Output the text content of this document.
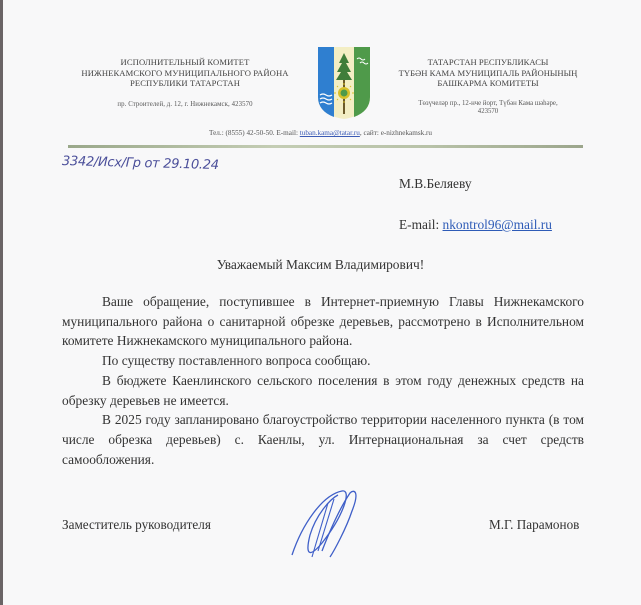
ИСПОЛНИТЕЛЬНЫЙ КОМИТЕТ
НИЖНЕКАМСКОГО МУНИЦИПАЛЬНОГО РАЙОНА
РЕСПУБЛИКИ ТАТАРСТАН
пр. Строителей, д. 12, г. Нижнекамск, 423570
ТАТАРСТАН РЕСПУБЛИКАСЫ
ТҮБӘН КАМА МУНИЦИПАЛЬ РАЙОНЫНЫҢ
БАШКАРМА КОМИТЕТЫ
Төзүчеләр пр., 12-нче йорт, Түбән Кама шәһәре,
423570
Тел.: (8555) 42-50-50. E-mail: tuban.kama@tatar.ru, сайт: e-nizhnekamsk.ru
3342/Исх/Гр от 29.10.24
М.В.Беляеву
E-mail: nkontrol96@mail.ru
Уважаемый Максим Владимирович!

Ваше обращение, поступившее в Интернет-приемную Главы Нижнекамского муниципального района о санитарной обрезке деревьев, рассмотрено в Исполнительном комитете Нижнекамского муниципального района.

По существу поставленного вопроса сообщаю.

В бюджете Каенлинского сельского поселения в этом году денежных средств на обрезку деревьев не имеется.

В 2025 году запланировано благоустройство территории населенного пункта (в том числе обрезка деревьев) с. Каенлы, ул. Интернациональная за счет средств самообложения.

Заместитель руководителя	М.Г. Парамонов
